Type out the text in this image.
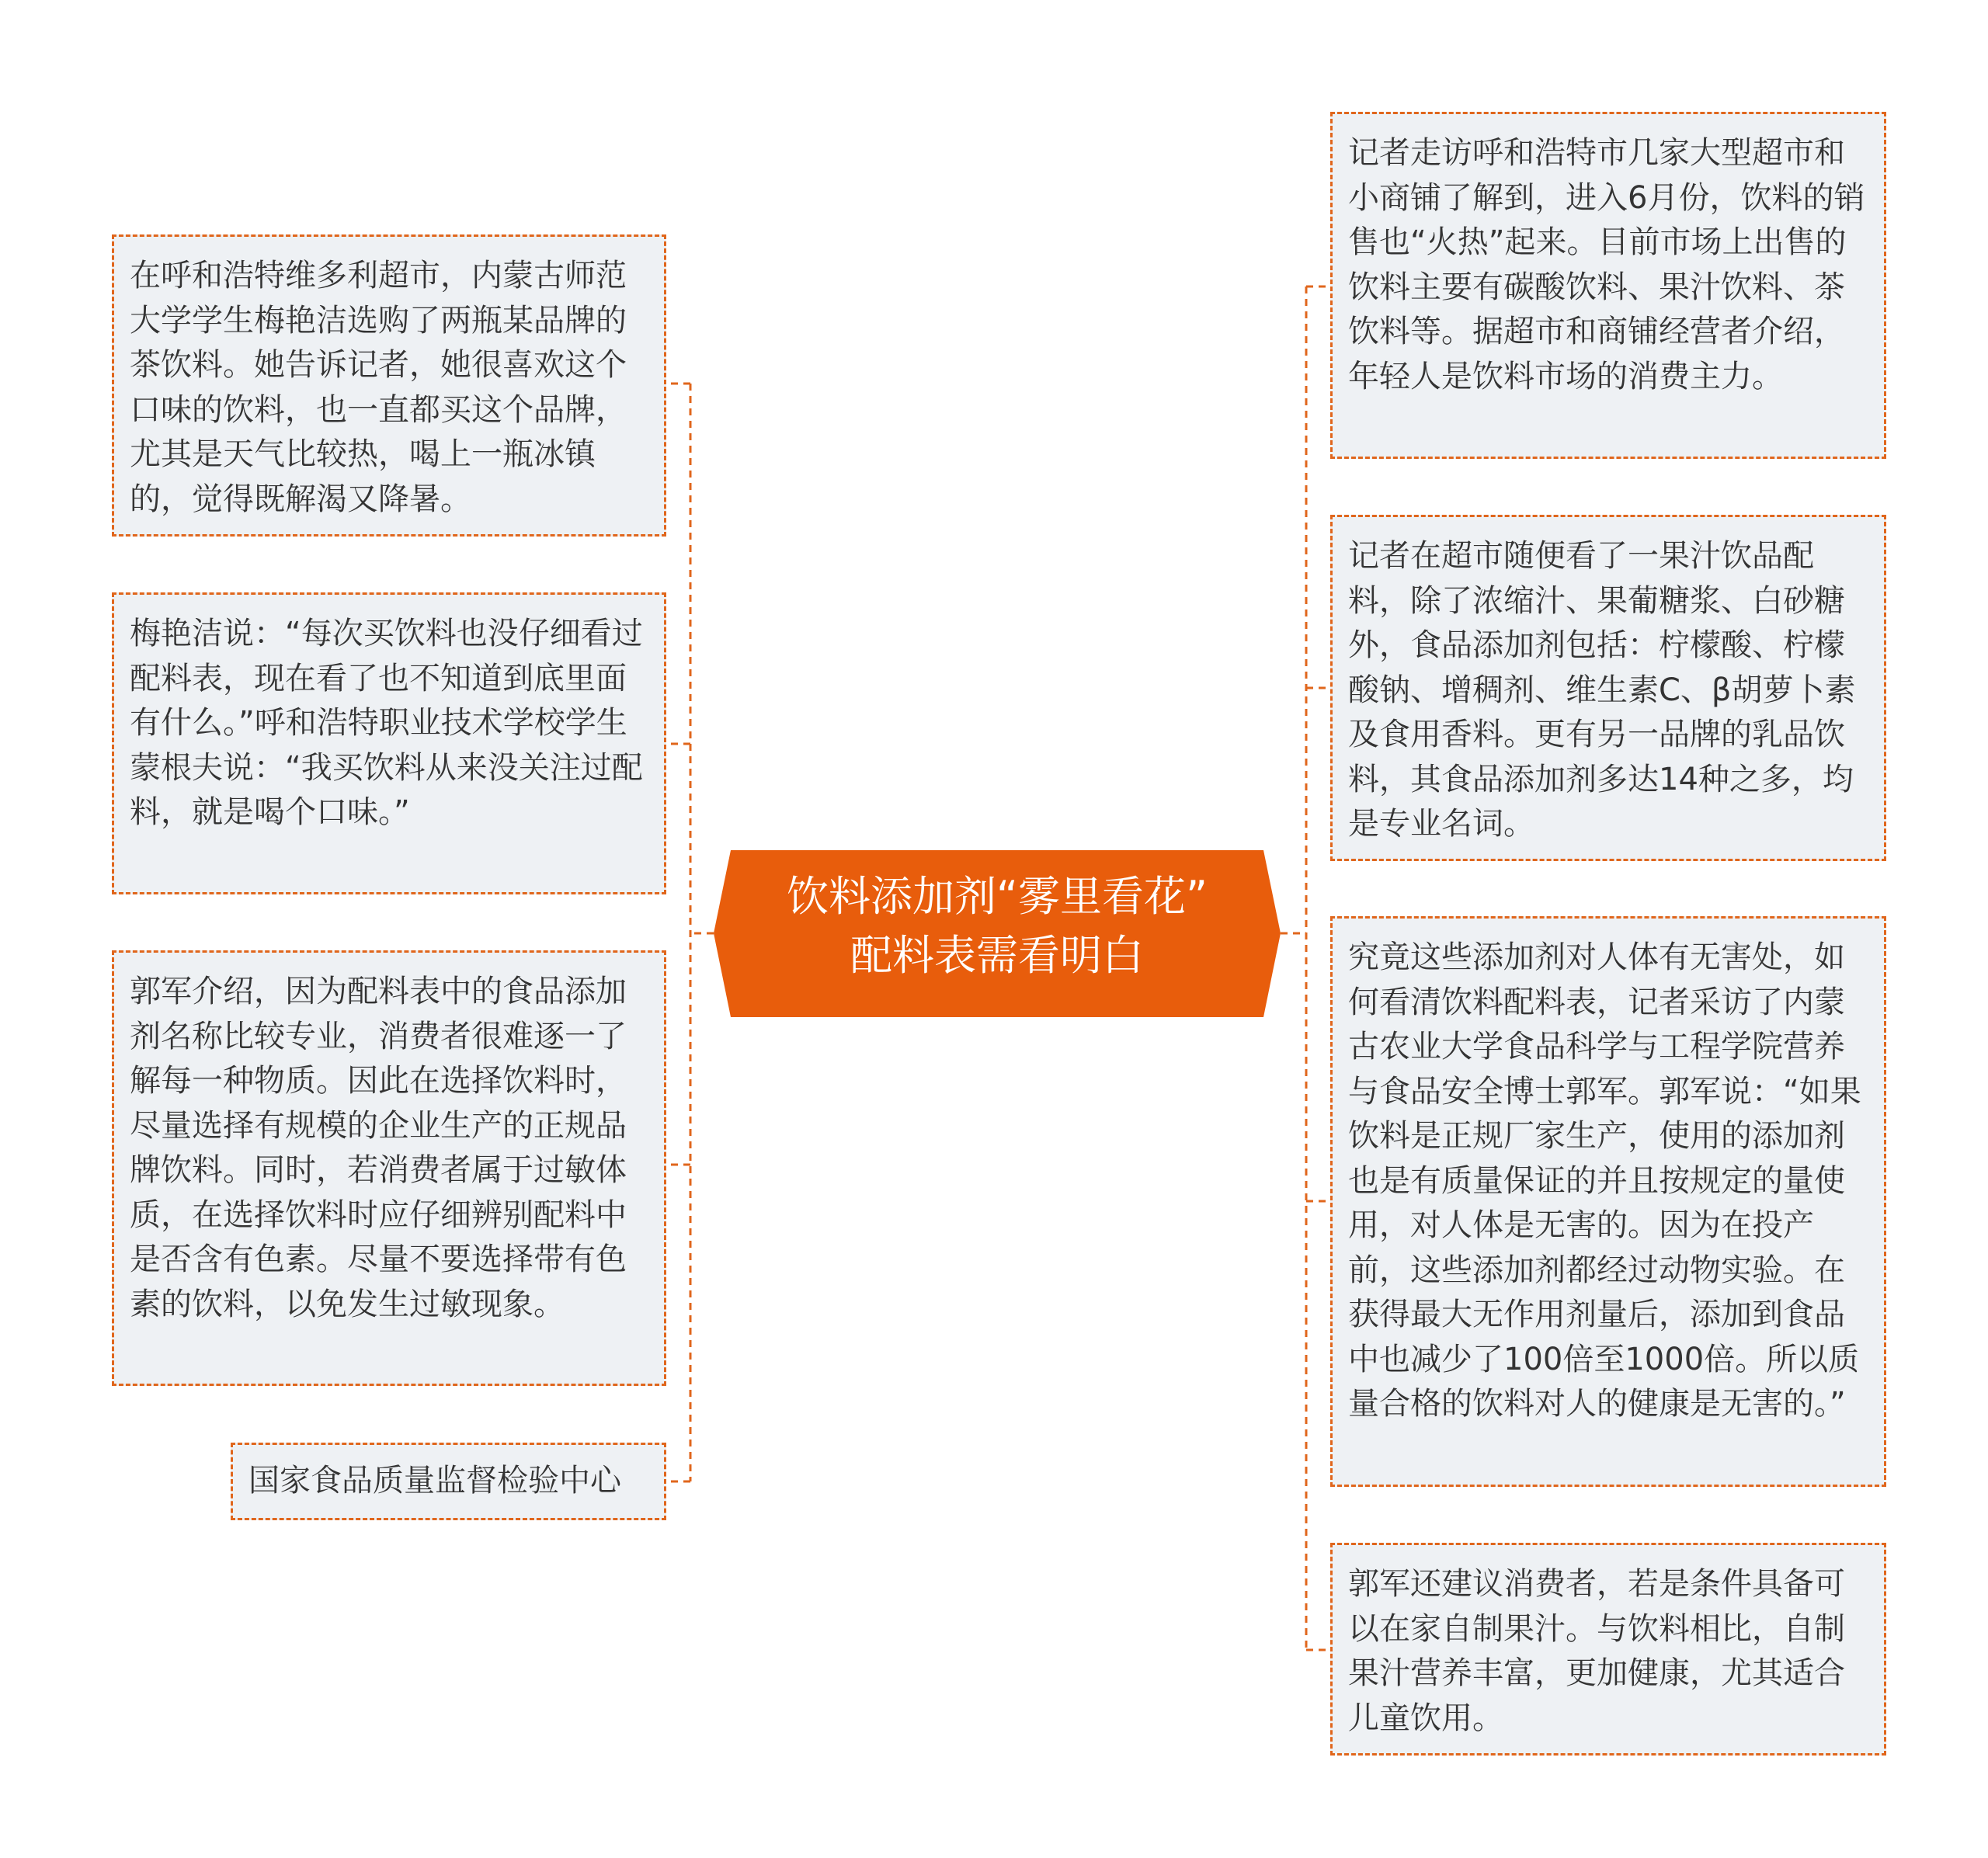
饮料添加剂“雾里看花”
配料表需看明白
在呼和浩特维多利超市，内蒙古师范大学学生梅艳洁选购了两瓶某品牌的茶饮料。她告诉记者，她很喜欢这个口味的饮料，也一直都买这个品牌，尤其是天气比较热，喝上一瓶冰镇的，觉得既解渴又降暑。
梅艳洁说：“每次买饮料也没仔细看过配料表，现在看了也不知道到底里面有什么。”呼和浩特职业技术学校学生蒙根夫说：“我买饮料从来没关注过配料，就是喝个口味。”
郭军介绍，因为配料表中的食品添加剂名称比较专业，消费者很难逐一了解每一种物质。因此在选择饮料时，尽量选择有规模的企业生产的正规品牌饮料。同时，若消费者属于过敏体质，在选择饮料时应仔细辨别配料中是否含有色素。尽量不要选择带有色素的饮料，以免发生过敏现象。
国家食品质量监督检验中心
记者走访呼和浩特市几家大型超市和小商铺了解到，进入6月份，饮料的销售也“火热”起来。目前市场上出售的饮料主要有碳酸饮料、果汁饮料、茶饮料等。据超市和商铺经营者介绍，年轻人是饮料市场的消费主力。
记者在超市随便看了一果汁饮品配料，除了浓缩汁、果葡糖浆、白砂糖外，食品添加剂包括：柠檬酸、柠檬酸钠、增稠剂、维生素C、β胡萝卜素及食用香料。更有另一品牌的乳品饮料，其食品添加剂多达14种之多，均是专业名词。
究竟这些添加剂对人体有无害处，如何看清饮料配料表，记者采访了内蒙古农业大学食品科学与工程学院营养与食品安全博士郭军。郭军说：“如果饮料是正规厂家生产，使用的添加剂也是有质量保证的并且按规定的量使用，对人体是无害的。因为在投产前，这些添加剂都经过动物实验。在获得最大无作用剂量后，添加到食品中也减少了100倍至1000倍。所以质量合格的饮料对人的健康是无害的。”
郭军还建议消费者，若是条件具备可以在家自制果汁。与饮料相比，自制果汁营养丰富，更加健康，尤其适合儿童饮用。
